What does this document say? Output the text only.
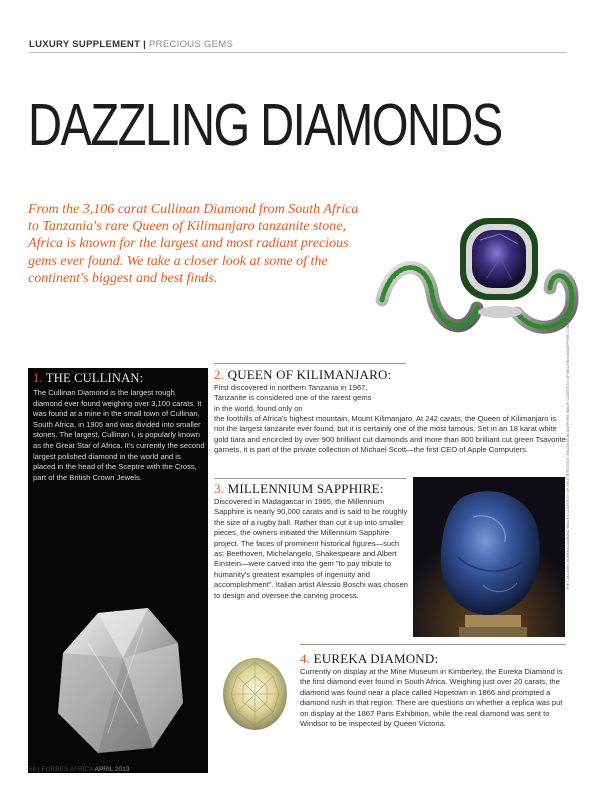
LUXURY SUPPLEMENT | PRECIOUS GEMS
DAZZLING DIAMONDS
From the 3,106 carat Cullinan Diamond from South Africa to Tanzania's rare Queen of Kilimanjaro tanzanite stone, Africa is known for the largest and most radiant precious gems ever found. We take a closer look at some of the continent's biggest and best finds.
1. THE CULLINAN:

The Cullinan Diamond is the largest rough diamond ever found weighing over 3,100 carats. It was found at a mine in the small town of Cullinan, South Africa, in 1905 and was divided into smaller stones. The largest, Cullinan I, is popularly known as the Great Star of Africa. It's currently the second largest polished diamond in the world and is placed in the head of the Sceptre with the Cross, part of the British Crown Jewels.

2. QUEEN OF KILIMANJARO:

First discovered in northern Tanzania in 1967, Tanzanite is considered one of the rarest gems in the world, found only on

the foothills of Africa's highest mountain, Mount Kilimanjaro. At 242 carats, the Queen of Kilimanjaro is not the largest tanzanite ever found, but it is certainly one of the most famous. Set in an 18 karat white gold tiara and encircled by over 900 brilliant cut diamonds and more than 800 brilliant cut green Tsavorite garnets, it is part of the private collection of Michael Scott—the first CEO of Apple Computers.

3. MILLENNIUM SAPPHIRE:

Discovered in Madagascar in 1995, the Millennium Sapphire is nearly 90,000 carats and is said to be roughly the size of a rugby ball. Rather than cut it up into smaller pieces, the owners initiated the Millennium Sapphire project. The faces of prominent historical figures—such as: Beethoven, Michelangelo, Shakespeare and Albert Einstein—were carved into the gem "to pay tribute to humanity's greatest examples of ingenuity and accomplishment". Italian artist Alessio Boschi was chosen to design and oversee the carving process.

4. EUREKA DIAMOND:

Currently on display at the Mine Museum in Kimberley, the Eureka Diamond is the first diamond ever found in South Africa. Weighing just over 20 carats, the diamond was found near a place called Hopetown in 1866 and prompted a diamond rush in that region. There are questions on whether a replica was put on display at the 1867 Paris Exhibition, while the real diamond was sent to Windsor to be inspected by Queen Victoria.

THE CULLINAN, EUREKA DIAMOND IMAGES COURTESY OF SHUTTERSTOCK; MILLENNIUM SAPPHIRE IMAGE COURTESY OF MILLENNIUMSAPPHIRE.COM
58 | FORBES AFRICA APRIL 2013
